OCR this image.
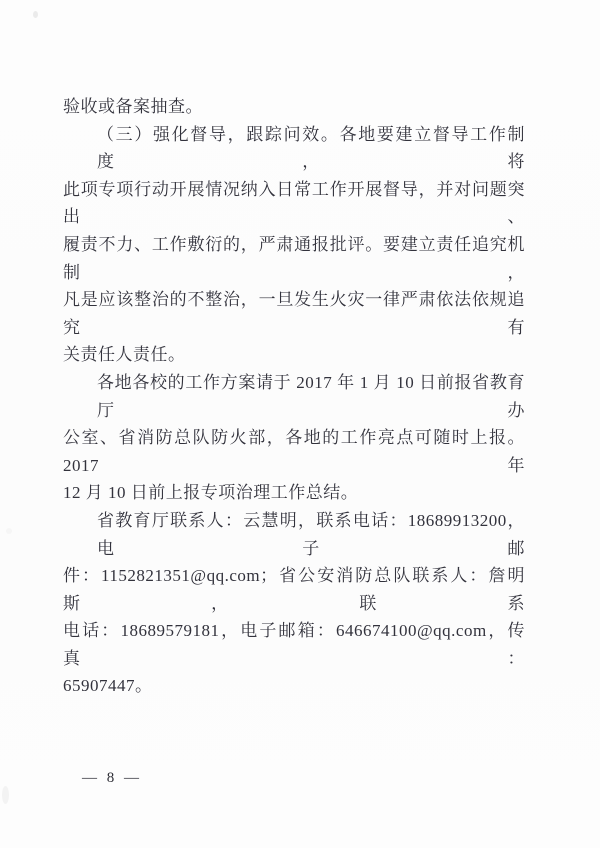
验收或备案抽查。
（三）强化督导，跟踪问效。各地要建立督导工作制度，将
此项专项行动开展情况纳入日常工作开展督导，并对问题突出、
履责不力、工作敷衍的，严肃通报批评。要建立责任追究机制，
凡是应该整治的不整治，一旦发生火灾一律严肃依法依规追究有
关责任人责任。
各地各校的工作方案请于 2017 年 1 月 10 日前报省教育厅办
公室、省消防总队防火部，各地的工作亮点可随时上报。2017 年
12 月 10 日前上报专项治理工作总结。
省教育厅联系人：云慧明，联系电话：18689913200，电子邮
件：1152821351@qq.com；省公安消防总队联系人：詹明斯，联系
电话：18689579181，电子邮箱：646674100@qq.com，传真：
65907447。
— 8 —
